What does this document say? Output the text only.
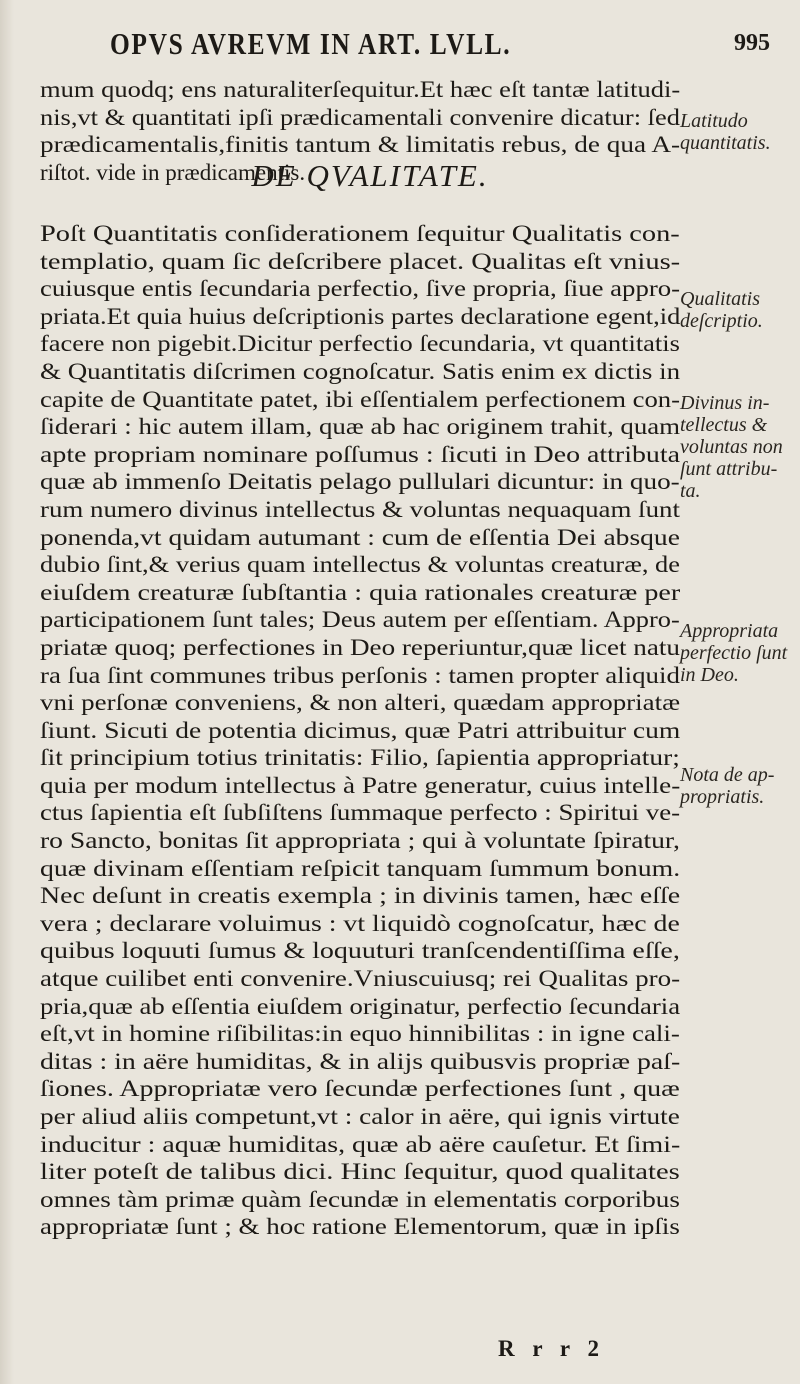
OPVS AVREVM IN ART. LVLL.	995
mum quodq; ens naturaliterſequitur.Et hæc eſt tantæ latitudi-
nis,vt & quantitati ipſi prædicamentali convenire dicatur: ſed
prædicamentalis,finitis tantum & limitatis rebus, de qua A-
riſtot. vide in prædicamentis.
DE QVALITATE.
Poſt Quantitatis conſiderationem ſequitur Qualitatis con-
templatio, quam ſic deſcribere placet. Qualitas eſt vnius-
cuiusque entis ſecundaria perfectio, ſive propria, ſiue appro-
priata.Et quia huius deſcriptionis partes declaratione egent,id
facere non pigebit.Dicitur perfectio ſecundaria, vt quantitatis
& Quantitatis diſcrimen cognoſcatur. Satis enim ex dictis in
capite de Quantitate patet, ibi eſſentialem perfectionem con-
ſiderari : hic autem illam, quæ ab hac originem trahit, quam
apte propriam nominare poſſumus : ſicuti in Deo attributa
quæ ab immenſo Deitatis pelago pullulari dicuntur: in quo-
rum numero divinus intellectus & voluntas nequaquam ſunt
ponenda,vt quidam autumant : cum de eſſentia Dei absque
dubio ſint,& verius quam intellectus & voluntas creaturæ, de
eiuſdem creaturæ ſubſtantia : quia rationales creaturæ per
participationem ſunt tales; Deus autem per eſſentiam. Appro-
priatæ quoq; perfectiones in Deo reperiuntur,quæ licet natu
ra ſua ſint communes tribus perſonis : tamen propter aliquid
vni perſonæ conveniens, & non alteri, quædam appropriatæ
ſiunt. Sicuti de potentia dicimus, quæ Patri attribuitur cum
ſit principium totius trinitatis: Filio, ſapientia appropriatur;
quia per modum intellectus à Patre generatur, cuius intelle-
ctus ſapientia eſt ſubſiſtens ſummaque perfecto : Spiritui ve-
ro Sancto, bonitas ſit appropriata ; qui à voluntate ſpiratur,
quæ divinam eſſentiam reſpicit tanquam ſummum bonum.
Nec deſunt in creatis exempla ; in divinis tamen, hæc eſſe
vera ; declarare voluimus : vt liquidò cognoſcatur, hæc de
quibus loquuti ſumus & loquuturi tranſcendentiſſima eſſe,
atque cuilibet enti convenire.Vniuscuiusq; rei Qualitas pro-
pria,quæ ab eſſentia eiuſdem originatur, perfectio ſecundaria
eſt,vt in homine riſibilitas:in equo hinnibilitas : in igne cali-
ditas : in aëre humiditas, & in alijs quibusvis propriæ paſ-
ſiones. Appropriatæ vero ſecundæ perfectiones ſunt , quæ
per aliud aliis competunt,vt : calor in aëre, qui ignis virtute
inducitur : aquæ humiditas, quæ ab aëre cauſetur. Et ſimi-
liter poteſt de talibus dici. Hinc ſequitur, quod qualitates
omnes tàm primæ quàm ſecundæ in elementatis corporibus
appropriatæ ſunt ; & hoc ratione Elementorum, quæ in ipſis
Latitudo
quantitatis.
Qualitatis
deſcriptio.
Divinus in-
tellectus &
voluntas non
ſunt attribu-
ta.
Appropriata
perfectio ſunt
in Deo.
Nota de ap-
propriatis.
R r r 2
